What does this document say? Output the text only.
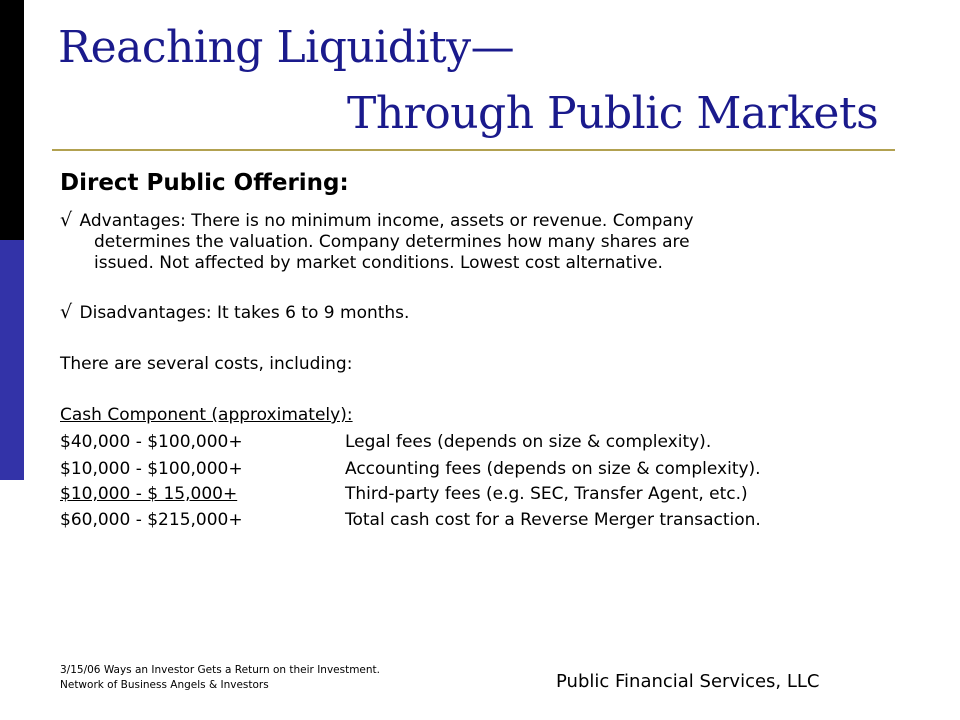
Reaching Liquidity—
Through Public Markets
Direct Public Offering:
√ Advantages: There is no minimum income, assets or revenue. Company
determines the valuation. Company determines how many shares are
issued. Not affected by market conditions. Lowest cost alternative.
√ Disadvantages: It takes 6 to 9 months.
There are several costs, including:
Cash Component (approximately):
$40,000 - $100,000+	Legal fees (depends on size & complexity).
$10,000 - $100,000+	Accounting fees (depends on size & complexity).
$10,000 - $ 15,000+	Third-party fees (e.g. SEC, Transfer Agent, etc.)
$60,000 - $215,000+	Total cash cost for a Reverse Merger transaction.
3/15/06 Ways an Investor Gets a Return on their Investment.
Network of Business Angels & Investors	Public Financial Services, LLC
